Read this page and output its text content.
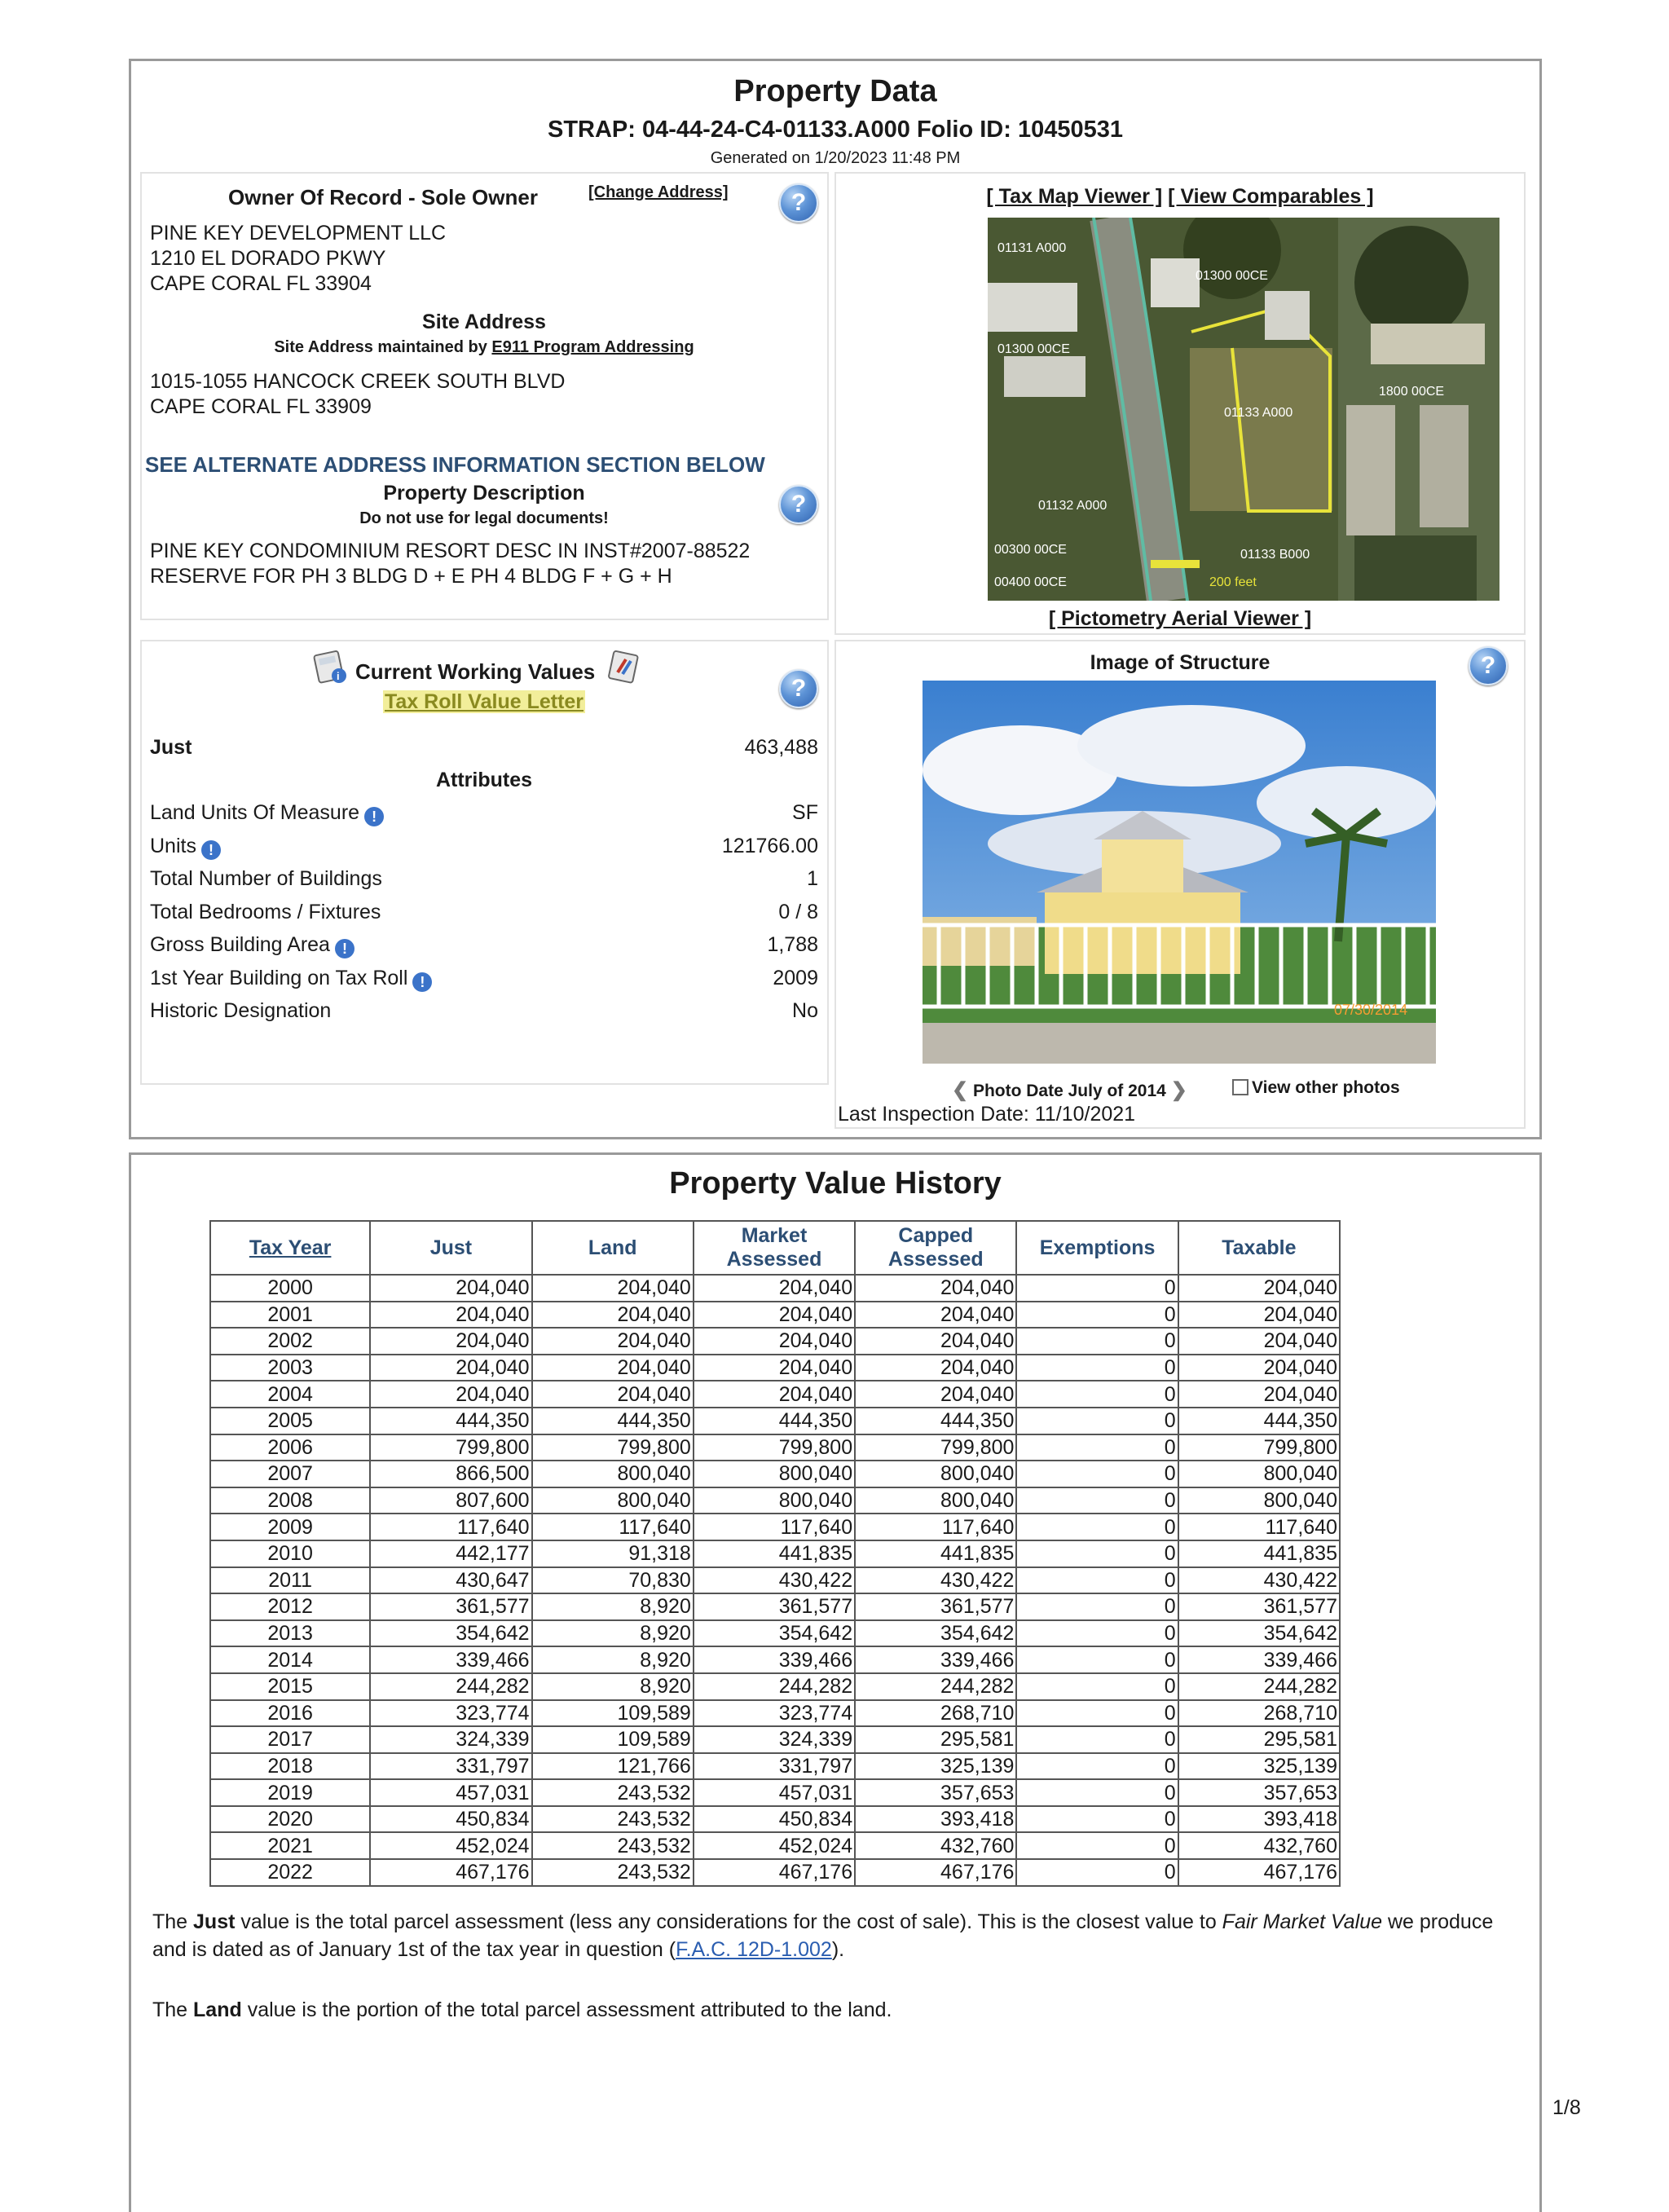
Property Data
STRAP: 04-44-24-C4-01133.A000 Folio ID: 10450531
Generated on 1/20/2023 11:48 PM
Owner Of Record - Sole Owner	[Change Address]	?
PINE KEY DEVELOPMENT LLC
1210 EL DORADO PKWY
CAPE CORAL FL 33904
Site Address
Site Address maintained by E911 Program Addressing
1015-1055 HANCOCK CREEK SOUTH BLVD
CAPE CORAL FL 33909
SEE ALTERNATE ADDRESS INFORMATION SECTION BELOW
Property Description
Do not use for legal documents!
?
PINE KEY CONDOMINIUM RESORT DESC IN INST#2007-88522
RESERVE FOR PH 3 BLDG D + E PH 4 BLDG F + G + H
[ Tax Map Viewer ] [ View Comparables ]
01131 A000
01300 00CE
01300 00CE
1800 00CE
01133 A000
01132 A000
00300 00CE	01133 B000
00400 00CE	200 feet
[ Pictometry Aerial Viewer ]
i Current Working Values
?
Tax Roll Value Letter
Just	463,488
Attributes
Land Units Of Measure !	SF
Units !	121766.00
Total Number of Buildings	1
Total Bedrooms / Fixtures	0 / 8
Gross Building Area !	1,788
1st Year Building on Tax Roll !	2009
Historic Designation	No
Image of Structure	?
07/30/2014
❮ Photo Date July of 2014 ❯	View other photos
Last Inspection Date: 11/10/2021
Property Value History
Tax Year	Just	Land	Market Assessed	Capped Assessed	Exemptions	Taxable
2000	204,040	204,040	204,040	204,040	0	204,040
2001	204,040	204,040	204,040	204,040	0	204,040
2002	204,040	204,040	204,040	204,040	0	204,040
2003	204,040	204,040	204,040	204,040	0	204,040
2004	204,040	204,040	204,040	204,040	0	204,040
2005	444,350	444,350	444,350	444,350	0	444,350
2006	799,800	799,800	799,800	799,800	0	799,800
2007	866,500	800,040	800,040	800,040	0	800,040
2008	807,600	800,040	800,040	800,040	0	800,040
2009	117,640	117,640	117,640	117,640	0	117,640
2010	442,177	91,318	441,835	441,835	0	441,835
2011	430,647	70,830	430,422	430,422	0	430,422
2012	361,577	8,920	361,577	361,577	0	361,577
2013	354,642	8,920	354,642	354,642	0	354,642
2014	339,466	8,920	339,466	339,466	0	339,466
2015	244,282	8,920	244,282	244,282	0	244,282
2016	323,774	109,589	323,774	268,710	0	268,710
2017	324,339	109,589	324,339	295,581	0	295,581
2018	331,797	121,766	331,797	325,139	0	325,139
2019	457,031	243,532	457,031	357,653	0	357,653
2020	450,834	243,532	450,834	393,418	0	393,418
2021	452,024	243,532	452,024	432,760	0	432,760
2022	467,176	243,532	467,176	467,176	0	467,176
The Just value is the total parcel assessment (less any considerations for the cost of sale). This is the closest value to Fair Market Value we produce and is dated as of January 1st of the tax year in question (F.A.C. 12D-1.002).
The Land value is the portion of the total parcel assessment attributed to the land.
1/8
